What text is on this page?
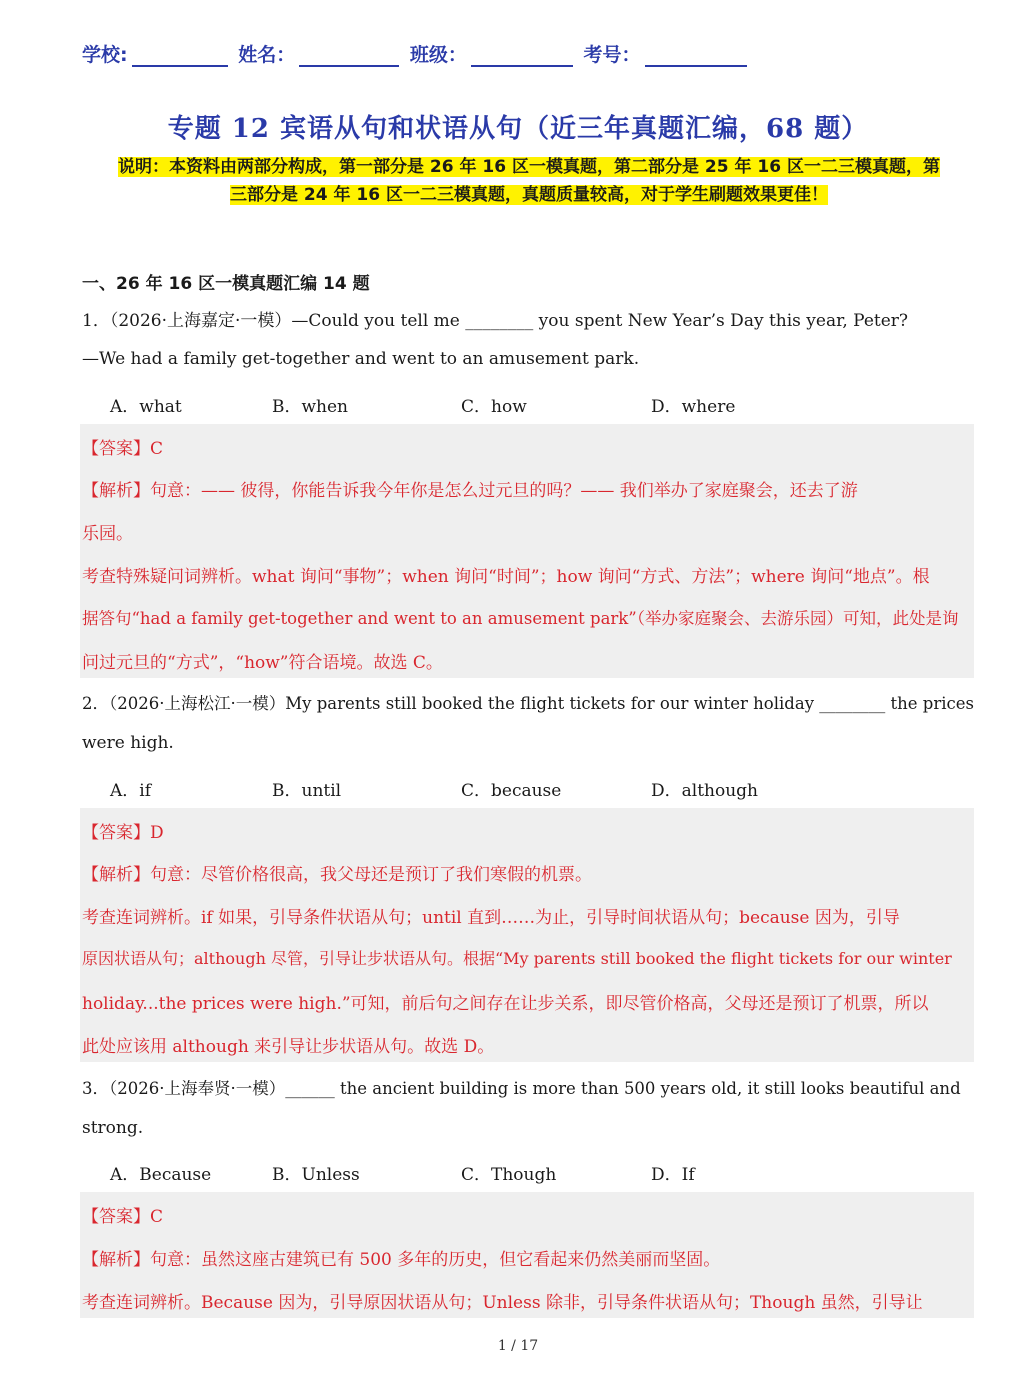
学校:	姓名：	班级：	考号：
专题 12 宾语从句和状语从句（近三年真题汇编，68 题）
说明：本资料由两部分构成，第一部分是 26 年 16 区一模真题，第二部分是 25 年 16 区一二三模真题，第
三部分是 24 年 16 区一二三模真题，真题质量较高，对于学生刷题效果更佳！
一、26 年 16 区一模真题汇编 14 题
1．（2026·上海嘉定·一模）—Could you tell me ________ you spent New Year’s Day this year, Peter?
—We had a family get-together and went to an amusement park.
A．what	B．when	C．how	D．where
【答案】C
【解析】句意：—— 彼得，你能告诉我今年你是怎么过元旦的吗？—— 我们举办了家庭聚会，还去了游
乐园。
考查特殊疑问词辨析。what 询问“事物”；when 询问“时间”；how 询问“方式、方法”；where 询问“地点”。根
据答句“had a family get-together and went to an amusement park”（举办家庭聚会、去游乐园）可知，此处是询
问过元旦的“方式”，“how”符合语境。故选 C。
2．（2026·上海松江·一模）My parents still booked the flight tickets for our winter holiday ________ the prices
were high.
A．if	B．until	C．because	D．although
【答案】D
【解析】句意：尽管价格很高，我父母还是预订了我们寒假的机票。
考查连词辨析。if 如果，引导条件状语从句；until 直到……为止，引导时间状语从句；because 因为，引导
原因状语从句；although 尽管，引导让步状语从句。根据“My parents still booked the flight tickets for our winter
holiday...the prices were high.”可知，前后句之间存在让步关系，即尽管价格高，父母还是预订了机票，所以
此处应该用 although 来引导让步状语从句。故选 D。
3．（2026·上海奉贤·一模）______ the ancient building is more than 500 years old, it still looks beautiful and
strong.
A．Because	B．Unless	C．Though	D．If
【答案】C
【解析】句意：虽然这座古建筑已有 500 多年的历史，但它看起来仍然美丽而坚固。
考查连词辨析。Because 因为，引导原因状语从句；Unless 除非，引导条件状语从句；Though 虽然，引导让
1 / 17
